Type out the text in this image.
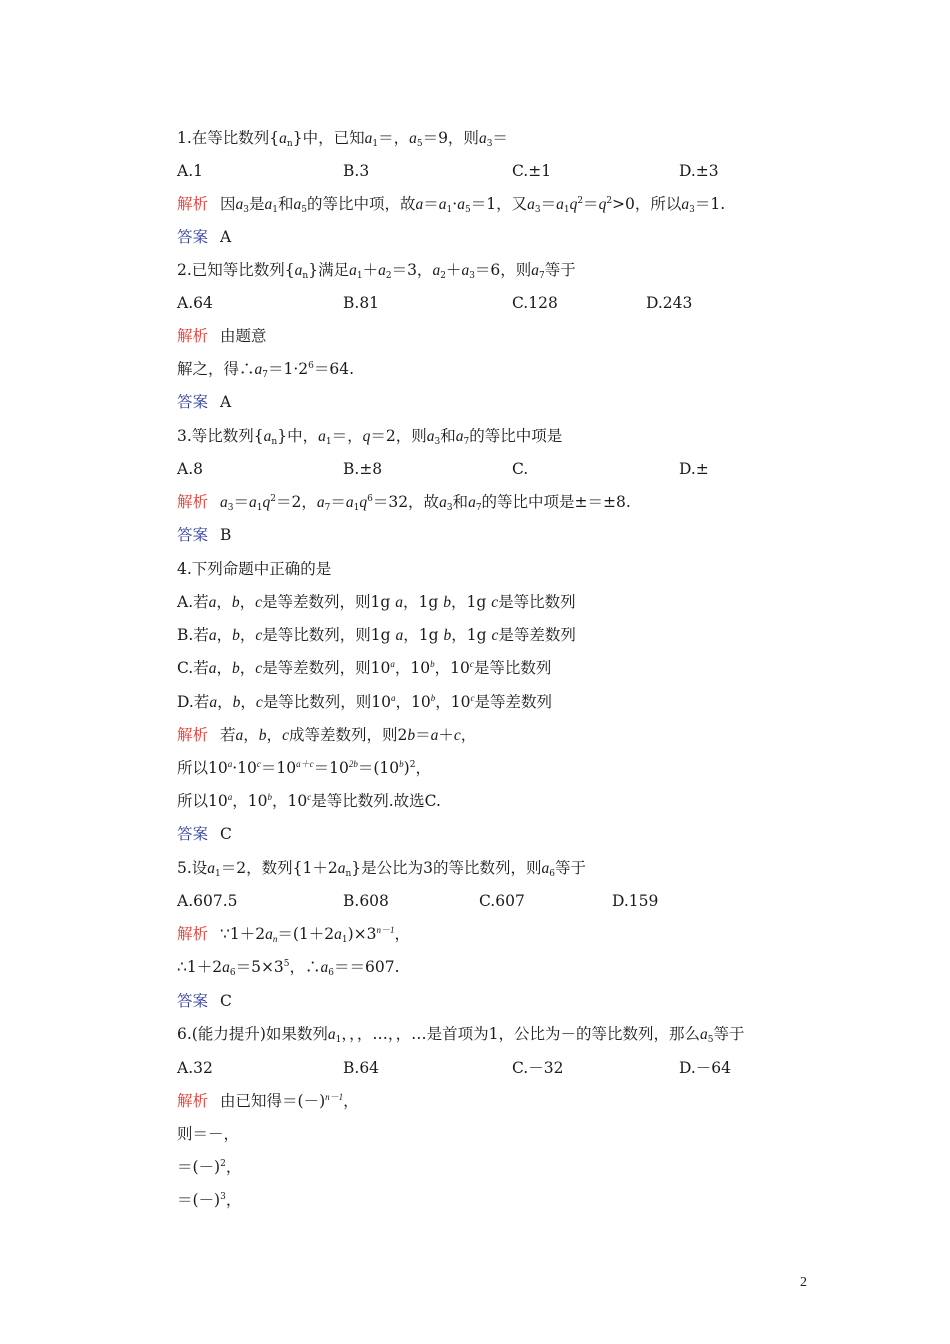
1.在等比数列$\{a_n\}$中，已知$a_1=$，$a_5=9$，则$a_3=$
A.1	B.3	C.±1	D.±3
解析 因$a_3$是$a_1$和$a_5$的等比中项，故$a=a_1\cdot a_5=1$，又$a_3=a_1q^2=q^2>0$，所以$a_3=1$.
答案 A
2.已知等比数列$\{a_n\}$满足$a_1+a_2=3$，$a_2+a_3=6$，则$a_7$等于
A.64	B.81	C.128	D.243
解析 由题意
解之，得$\therefore a_7=1\cdot 2^6=64$.
答案 A
3.等比数列$\{a_n\}$中，$a_1=$，q＝2，则$a_3$和$a_7$的等比中项是
A.8	B.±8	C.	D.±
解析 $a_3=a_1q^2=2$，$a_7=a_1q^6=32$，故$a_3$和$a_7$的等比中项是±＝±8.
答案 B
4.下列命题中正确的是
A.若a，b，c是等差数列，则1g a，1g b，1g c是等比数列
B.若a，b，c是等比数列，则1g a，1g b，1g c是等差数列
C.若a，b，c是等差数列，则10$^a$，10$^b$，10$^c$是等比数列
D.若a，b，c是等比数列，则10$^a$，10$^b$，10$^c$是等差数列
解析 若a，b，c成等差数列，则2b＝a＋c，
所以$10^a\cdot 10^c=10^{a+c}=10^{2b}=(10^b)^2$，
所以10$^a$，10$^b$，10$^c$是等比数列.故选C.
答案 C
5.设$a_1=2$，数列$\{1+2a_n\}$是公比为3的等比数列，则$a_6$等于
A.607.5	B.608	C.607	D.159
解析 $\because 1+2a_n=(1+2a_1)\times 3^{n-1}$，
$\therefore 1+2a_6=5\times 3^5$，$\therefore a_6==607$.
答案 C
6.(能力提升)如果数列$a_1$，，，…，，…是首项为1，公比为－的等比数列，那么$a_5$等于
A.32	B.64	C.－32	D.－64
解析 由已知得$=(-)^{n-1}$，
则＝－，
$=(-)^2$，
$=(-)^3$，
2
